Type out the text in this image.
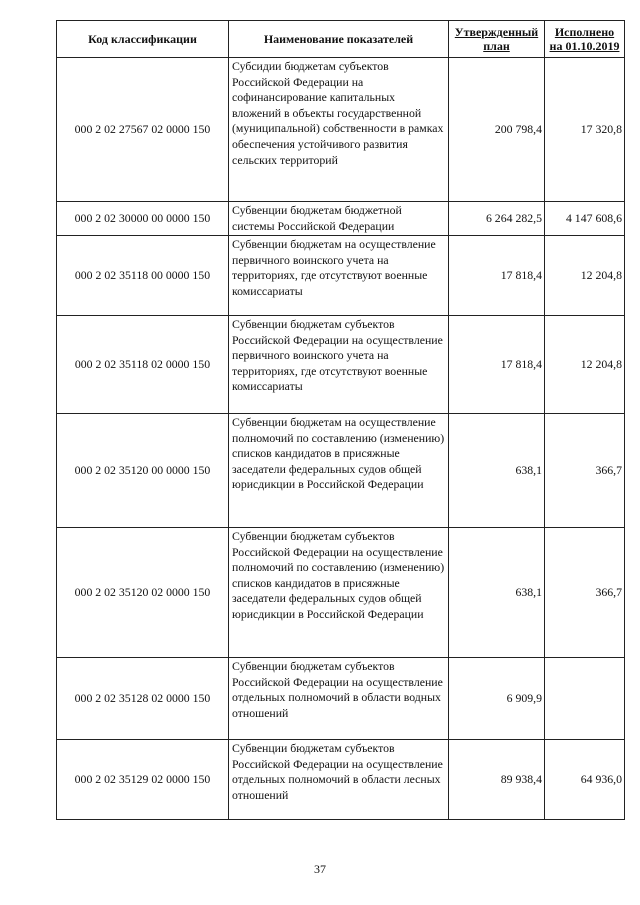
Код классификации	Наименование показателей	Утвержденный план	Исполнено на 01.10.2019
000 2 02 27567 02 0000 150	Субсидии бюджетам субъектов Российской Федерации на софинансирование капитальных вложений в объекты государственной (муниципальной) собственности в рамках обеспечения устойчивого развития сельских территорий	200 798,4	17 320,8
000 2 02 30000 00 0000 150	Субвенции бюджетам бюджетной системы Российской Федерации	6 264 282,5	4 147 608,6
000 2 02 35118 00 0000 150	Субвенции бюджетам на осуществление первичного воинского учета на территориях, где отсутствуют военные комиссариаты	17 818,4	12 204,8
000 2 02 35118 02 0000 150	Субвенции бюджетам субъектов Российской Федерации на осуществление первичного воинского учета на территориях, где отсутствуют военные комиссариаты	17 818,4	12 204,8
000 2 02 35120 00 0000 150	Субвенции бюджетам на осуществление полномочий по составлению (изменению) списков кандидатов в присяжные заседатели федеральных судов общей юрисдикции в Российской Федерации	638,1	366,7
000 2 02 35120 02 0000 150	Субвенции бюджетам субъектов Российской Федерации на осуществление полномочий по составлению (изменению) списков кандидатов в присяжные заседатели федеральных судов общей юрисдикции в Российской Федерации	638,1	366,7
000 2 02 35128 02 0000 150	Субвенции бюджетам субъектов Российской Федерации на осуществление отдельных полномочий в области водных отношений	6 909,9	
000 2 02 35129 02 0000 150	Субвенции бюджетам субъектов Российской Федерации на осуществление отдельных полномочий в области лесных отношений	89 938,4	64 936,0
37
